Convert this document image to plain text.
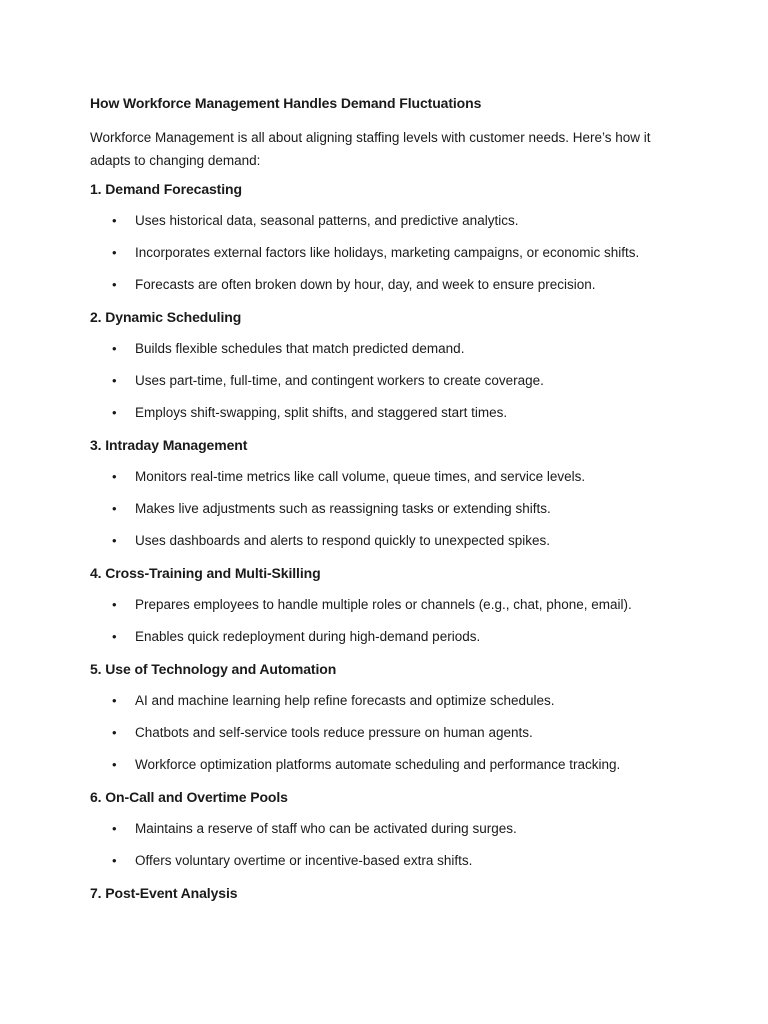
How Workforce Management Handles Demand Fluctuations
Workforce Management is all about aligning staffing levels with customer needs. Here’s how it adapts to changing demand:
1. Demand Forecasting
• Uses historical data, seasonal patterns, and predictive analytics.
• Incorporates external factors like holidays, marketing campaigns, or economic shifts.
• Forecasts are often broken down by hour, day, and week to ensure precision.
2. Dynamic Scheduling
• Builds flexible schedules that match predicted demand.
• Uses part-time, full-time, and contingent workers to create coverage.
• Employs shift-swapping, split shifts, and staggered start times.
3. Intraday Management
• Monitors real-time metrics like call volume, queue times, and service levels.
• Makes live adjustments such as reassigning tasks or extending shifts.
• Uses dashboards and alerts to respond quickly to unexpected spikes.
4. Cross-Training and Multi-Skilling
• Prepares employees to handle multiple roles or channels (e.g., chat, phone, email).
• Enables quick redeployment during high-demand periods.
5. Use of Technology and Automation
• AI and machine learning help refine forecasts and optimize schedules.
• Chatbots and self-service tools reduce pressure on human agents.
• Workforce optimization platforms automate scheduling and performance tracking.
6. On-Call and Overtime Pools
• Maintains a reserve of staff who can be activated during surges.
• Offers voluntary overtime or incentive-based extra shifts.
7. Post-Event Analysis
